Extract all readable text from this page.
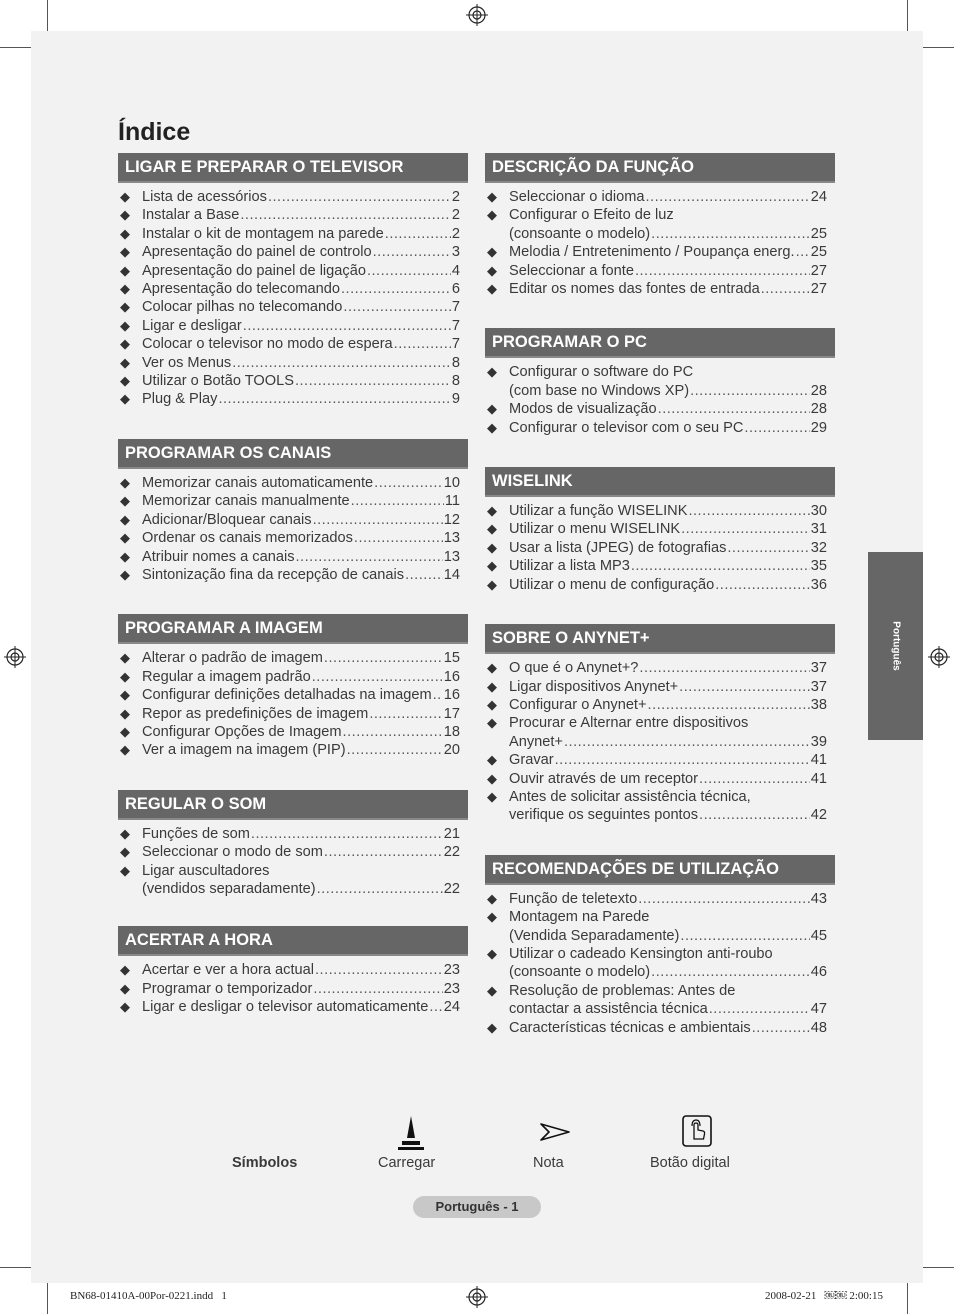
Índice
LIGAR E PREPARAR O TELEVISOR
◆ Lista de acessórios .....	2
◆ Instalar a Base .....	2
◆ Instalar o kit de montagem na parede .....	2
◆ Apresentação do painel de controlo .....	3
◆ Apresentação do painel de ligação .....	4
◆ Apresentação do telecomando .....	6
◆ Colocar pilhas no telecomando .....	7
◆ Ligar e desligar .....	7
◆ Colocar o televisor no modo de espera .....	7
◆ Ver os Menus .....	8
◆ Utilizar o Botão TOOLS .....	8
◆ Plug & Play .....	9
PROGRAMAR OS CANAIS
◆ Memorizar canais automaticamente .....	10
◆ Memorizar canais manualmente .....	11
◆ Adicionar/Bloquear canais .....	12
◆ Ordenar os canais memorizados .....	13
◆ Atribuir nomes a canais .....	13
◆ Sintonização fina da recepção de canais .....	14
PROGRAMAR A IMAGEM
◆ Alterar o padrão de imagem .....	15
◆ Regular a imagem padrão .....	16
◆ Configurar definições detalhadas na imagem ..... 16
◆ Repor as predefinições de imagem .....	17
◆ Configurar Opções de Imagem .....	18
◆ Ver a imagem na imagem (PIP) .....	20
REGULAR O SOM
◆ Funções de som .....	21
◆ Seleccionar o modo de som .....	22
◆ Ligar auscultadores
(vendidos separadamente) .....	22
ACERTAR A HORA
◆ Acertar e ver a hora actual .....	23
◆ Programar o temporizador .....	23
◆ Ligar e desligar o televisor automaticamente ..... 24
DESCRIÇÃO DA FUNÇÃO
◆ Seleccionar o idioma .....	24
◆ Configurar o Efeito de luz
(consoante o modelo) .....	25
◆ Melodia / Entretenimento / Poupança energ. ..... 25
◆ Seleccionar a fonte .....	27
◆ Editar os nomes das fontes de entrada .....	27
PROGRAMAR O PC
◆ Configurar o software do PC
(com base no Windows XP) .....	28
◆ Modos de visualização .....	28
◆ Configurar o televisor com o seu PC .....	29
WISELINK
◆ Utilizar a função WISELINK .....	30
◆ Utilizar o menu WISELINK .....	31
◆ Usar a lista (JPEG) de fotografias .....	32
◆ Utilizar a lista MP3 .....	35
◆ Utilizar o menu de configuração .....	36
SOBRE O ANYNET+
◆ O que é o Anynet+? .....	37
◆ Ligar dispositivos Anynet+ .....	37
◆ Configurar o Anynet+ .....	38
◆ Procurar e Alternar entre dispositivos
Anynet+ .....	39
◆ Gravar .....	41
◆ Ouvir através de um receptor .....	41
◆ Antes de solicitar assistência técnica,
verifique os seguintes pontos .....	42
RECOMENDAÇÕES DE UTILIZAÇÃO
◆ Função de teletexto .....	43
◆ Montagem na Parede
(Vendida Separadamente) .....	45
◆ Utilizar o cadeado Kensington anti-roubo
(consoante o modelo) .....	46
◆ Resolução de problemas: Antes de
contactar a assistência técnica .....	47
◆ Características técnicas e ambientais .....	48
Português
Símbolos	Carregar	Nota	Botão digital
Português - 1
BN68-01410A-00Por-0221.indd   1	2008-02-21   ￼￼ 2:00:15
